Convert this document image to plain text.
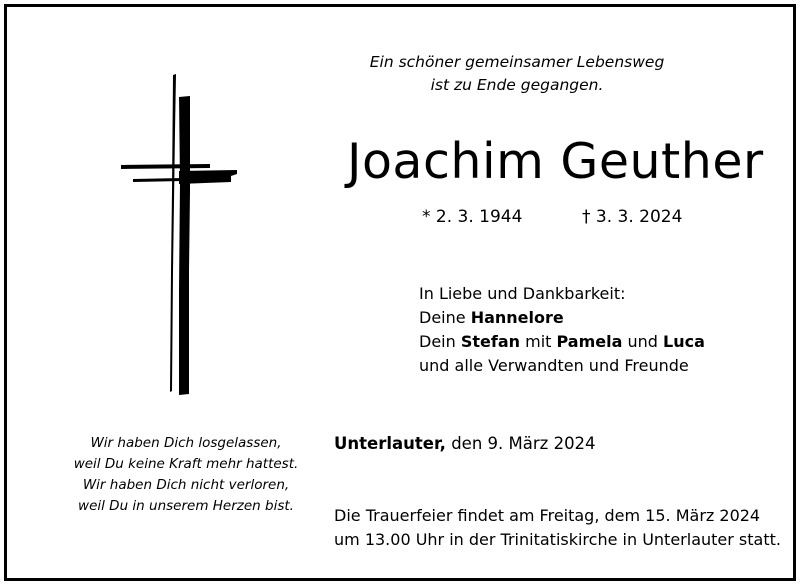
Ein schöner gemeinsamer Lebensweg
ist zu Ende gegangen.
Joachim Geuther
* 2. 3. 1944	† 3. 3. 2024
In Liebe und Dankbarkeit:
Deine Hannelore
Dein Stefan mit Pamela und Luca
und alle Verwandten und Freunde
Wir haben Dich losgelassen,
weil Du keine Kraft mehr hattest.
Wir haben Dich nicht verloren,
weil Du in unserem Herzen bist.
Unterlauter, den 9. März 2024
Die Trauerfeier findet am Freitag, dem 15. März 2024
um 13.00 Uhr in der Trinitatiskirche in Unterlauter statt.
